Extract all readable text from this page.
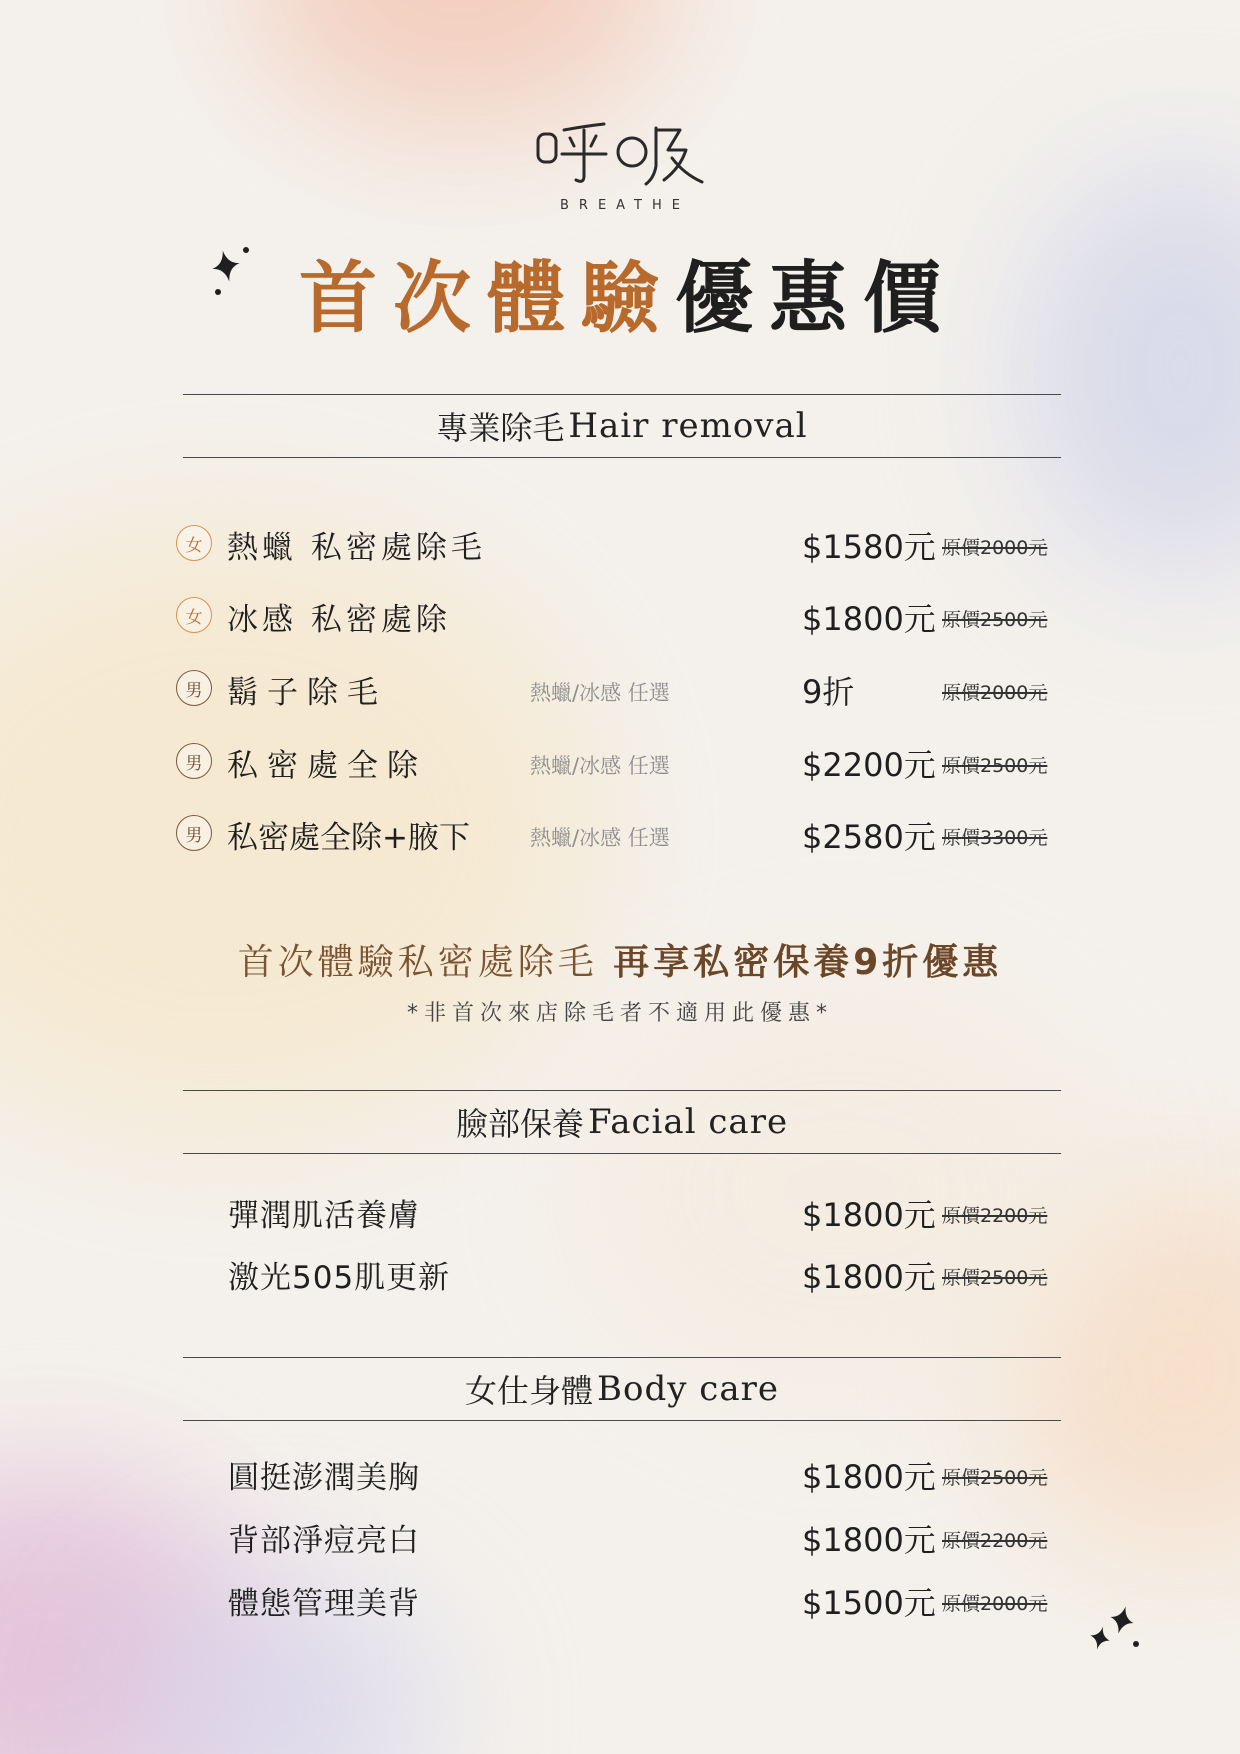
BREATHE
首次體驗優惠價
專業除毛 Hair removal
女 熱蠟 私密處除毛	$1580元 原價2000元
女 冰感 私密處除	$1800元 原價2500元
男 鬍子除毛	熱蠟/冰感 任選	9折	原價2000元
男 私密處全除	熱蠟/冰感 任選	$2200元 原價2500元
男 私密處全除+腋下	熱蠟/冰感 任選	$2580元 原價3300元
首次體驗私密處除毛 再享私密保養9折優惠
*非首次來店除毛者不適用此優惠*
臉部保養 Facial care
彈潤肌活養膚	$1800元 原價2200元
激光505肌更新	$1800元 原價2500元
女仕身體 Body care
圓挺澎潤美胸	$1800元 原價2500元
背部淨痘亮白	$1800元 原價2200元
體態管理美背	$1500元 原價2000元
